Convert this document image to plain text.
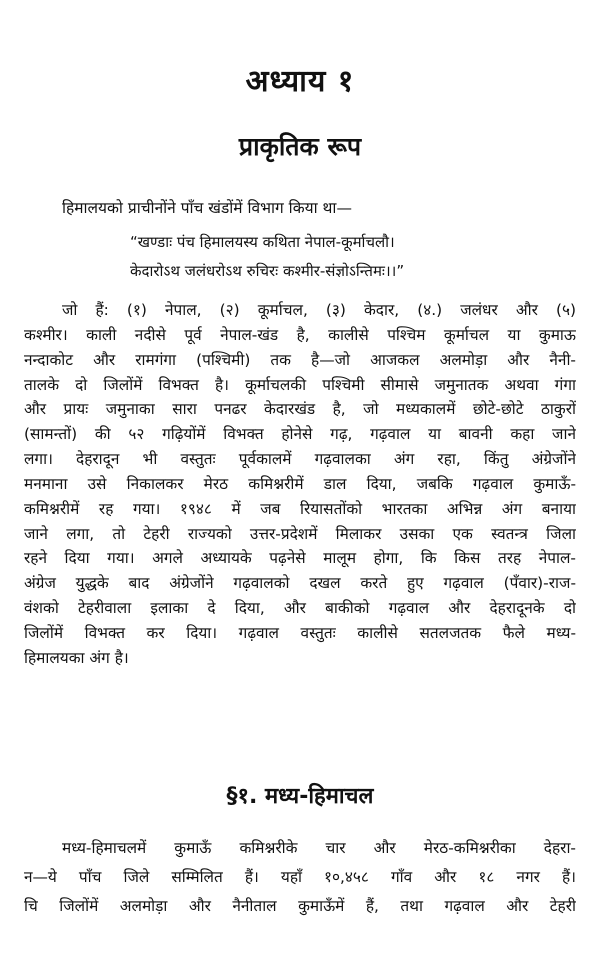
अध्याय १
प्राकृतिक रूप
हिमालयको प्राचीनोंने पाँच खंडोंमें विभाग किया था—
“खण्डाः पंच हिमालयस्य कथिता नेपाल-कूर्माचलौ।
केदारोऽथ जलंधरोऽथ रुचिरः कश्मीर-संज्ञोऽन्तिमः।।”
जो हैं: (१) नेपाल, (२) कूर्माचल, (३) केदार, (४.) जलंधर और (५)
कश्मीर। काली नदीसे पूर्व नेपाल-खंड है, कालीसे पश्चिम कूर्माचल या कुमाऊ
नन्दाकोट और रामगंगा (पश्चिमी) तक है—जो आजकल अलमोड़ा और नैनी-
तालके दो जिलोंमें विभक्त है। कूर्माचलकी पश्चिमी सीमासे जमुनातक अथवा गंगा
और प्रायः जमुनाका सारा पनढर केदारखंड है, जो मध्यकालमें छोटे-छोटे ठाकुरों
(सामन्तों) की ५२ गढ़ियोंमें विभक्त होनेसे गढ़, गढ़वाल या बावनी कहा जाने
लगा। देहरादून भी वस्तुतः पूर्वकालमें गढ़वालका अंग रहा, किंतु अंग्रेजोंने
मनमाना उसे निकालकर मेरठ कमिश्नरीमें डाल दिया, जबकि गढ़वाल कुमाऊँ-
कमिश्नरीमें रह गया। १९४८ में जब रियासतोंको भारतका अभिन्न अंग बनाया
जाने लगा, तो टेहरी राज्यको उत्तर-प्रदेशमें मिलाकर उसका एक स्वतन्त्र जिला
रहने दिया गया। अगले अध्यायके पढ़नेसे मालूम होगा, कि किस तरह नेपाल-
अंग्रेज युद्धके बाद अंग्रेजोंने गढ़वालको दखल करते हुए गढ़वाल (पँवार)-राज-
वंशको टेहरीवाला इलाका दे दिया, और बाकीको गढ़वाल और देहरादूनके दो
जिलोंमें विभक्त कर दिया। गढ़वाल वस्तुतः कालीसे सतलजतक फैले मध्य-
हिमालयका अंग है।
§१. मध्य-हिमाचल
मध्य-हिमाचलमें कुमाऊँ कमिश्नरीके चार और मेरठ-कमिश्नरीका देहरा-
न—ये पाँच जिले सम्मिलित हैं। यहाँ १०,४५८ गाँव और १८ नगर हैं।
चि जिलोंमें अलमोड़ा और नैनीताल कुमाऊँमें हैं, तथा गढ़वाल और टेहरी
